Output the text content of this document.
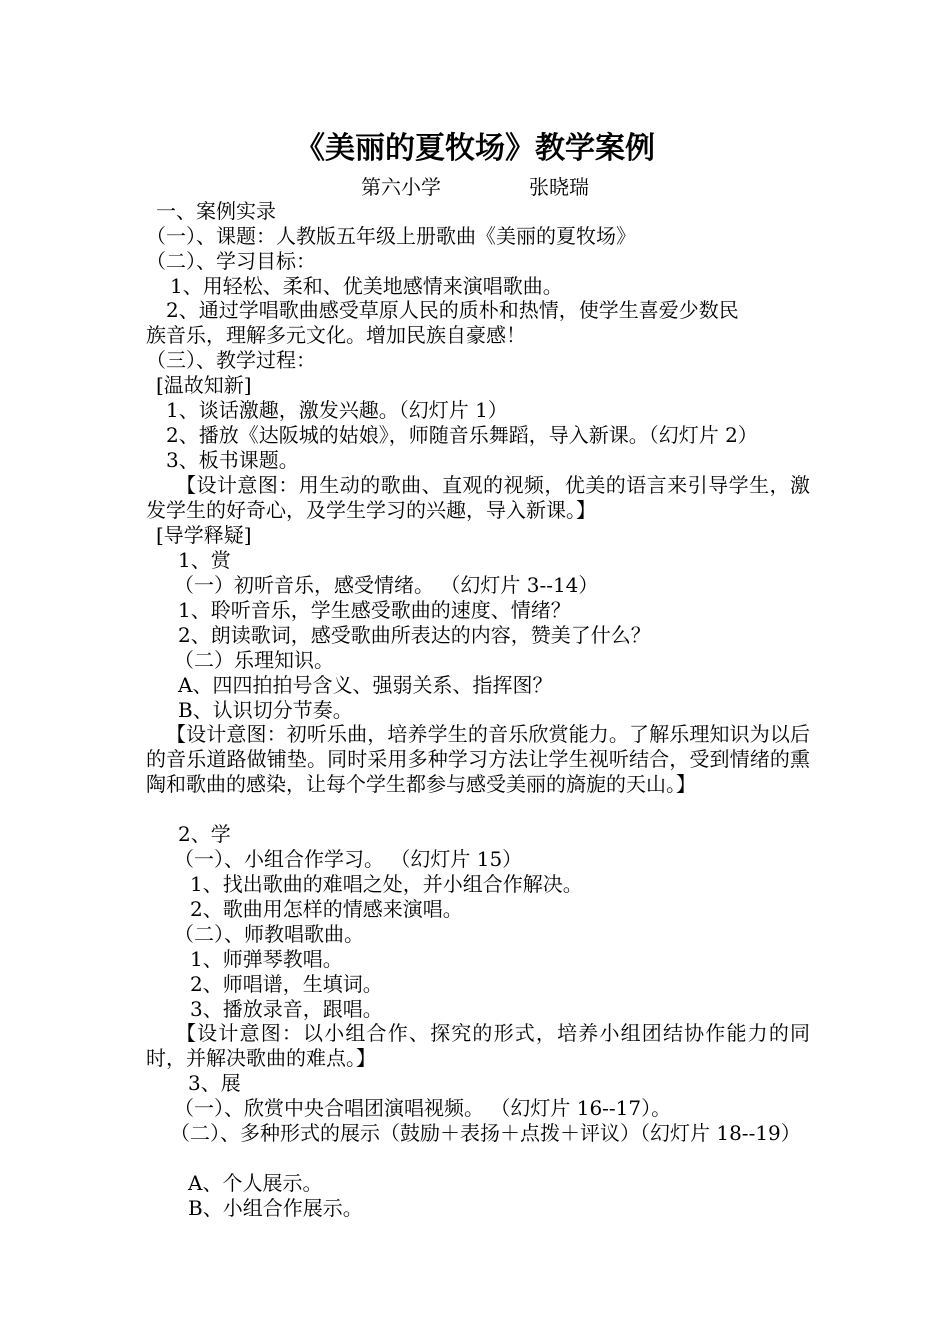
《美丽的夏牧场》教学案例
第六小学	张晓瑞
一、案例实录
（一）、课题：人教版五年级上册歌曲《美丽的夏牧场》
（二）、学习目标：
1、用轻松、柔和、优美地感情来演唱歌曲。
2、通过学唱歌曲感受草原人民的质朴和热情，使学生喜爱少数民
族音乐，理解多元文化。增加民族自豪感！
（三）、教学过程：
[温故知新]
1、谈话激趣，激发兴趣。（幻灯片 1）
2、播放《达阪城的姑娘》，师随音乐舞蹈，导入新课。（幻灯片 2）
3、板书课题。
【设计意图：用生动的歌曲、直观的视频，优美的语言来引导学生，激发学生的好奇心，及学生学习的兴趣，导入新课。】
[导学释疑]
1、赏
（一）初听音乐，感受情绪。 （幻灯片 3--14）
1、聆听音乐，学生感受歌曲的速度、情绪？
2、朗读歌词，感受歌曲所表达的内容，赞美了什么？
（二）乐理知识。
A、四四拍拍号含义、强弱关系、指挥图？
B、认识切分节奏。
【设计意图：初听乐曲，培养学生的音乐欣赏能力。了解乐理知识为以后的音乐道路做铺垫。同时采用多种学习方法让学生视听结合，受到情绪的熏陶和歌曲的感染，让每个学生都参与感受美丽的旖旎的天山。】
2、学
（一）、小组合作学习。 （幻灯片 15）
1、找出歌曲的难唱之处，并小组合作解决。
2、歌曲用怎样的情感来演唱。
（二）、师教唱歌曲。
1、师弹琴教唱。
2、师唱谱，生填词。
3、播放录音，跟唱。
【设计意图：以小组合作、探究的形式，培养小组团结协作能力的同时，并解决歌曲的难点。】
3、展
（一）、欣赏中央合唱团演唱视频。 （幻灯片 16--17）。
（二）、多种形式的展示（鼓励＋表扬＋点拨＋评议）（幻灯片 18--19）
A、个人展示。
B、小组合作展示。
